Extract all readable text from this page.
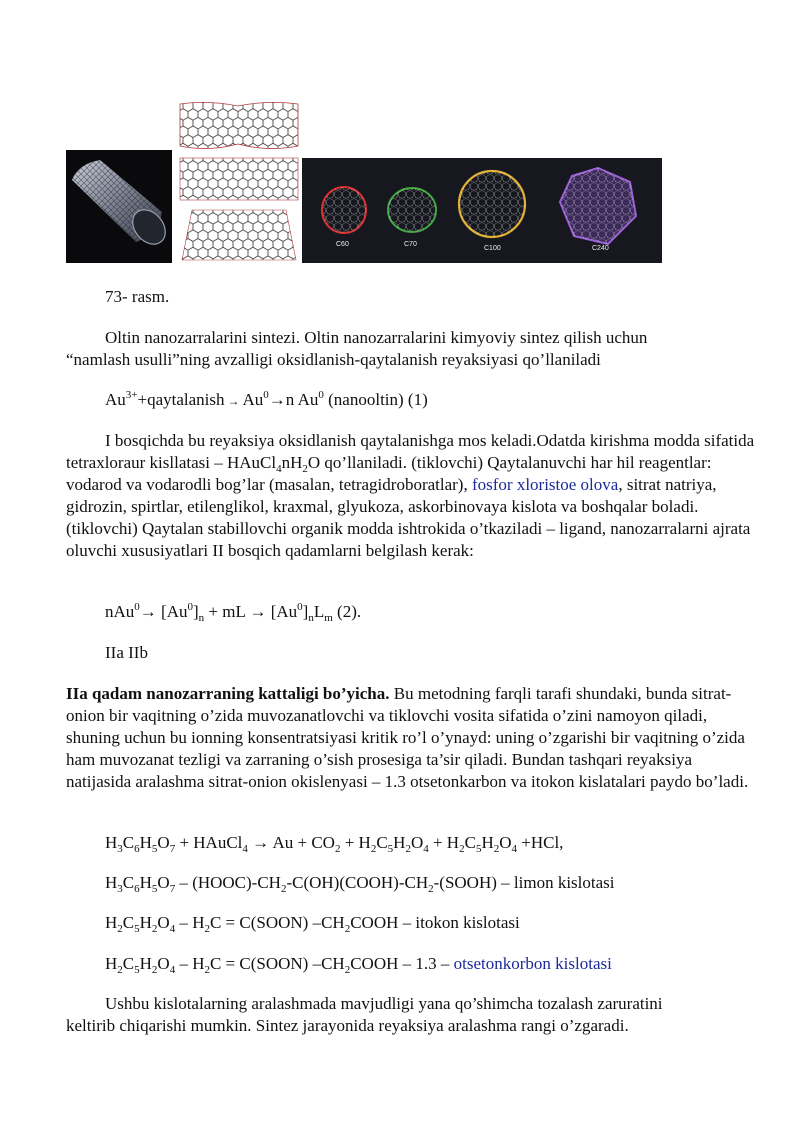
C60	C70
C100	C240
73- rasm.
Oltin nanozarralarini sintezi. Oltin nanozarralarini kimyoviy sintez qilish uchun
“namlash usulli”ning avzalligi oksidlanish-qaytalanish reyaksiyasi qo’llaniladi
$Au^{3+}+qaytalanish \to Au^0\to n$ Au$^0$ (nanooltin) (1)
I bosqichda bu reyaksiya oksidlanish qaytalanishga mos keladi.Odatda kirishma modda sifatida tetraxloraur kisllatasi – $HAuCl_4nH_2O$ qo’llaniladi. (tiklovchi) Qaytalanuvchi har hil reagentlar: vodarod va vodarodli bog’lar (masalan, tetragidroboratlar), fosfor xloristoe olova, sitrat natriya, gidrozin, spirtlar, etilenglikol, kraxmal, glyukoza, askorbinovaya kislota va boshqalar boladi.(tiklovchi) Qaytalan stabillovchi organik modda ishtrokida o’tkaziladi – ligand, nanozarralarni ajrata oluvchi xususiyatlari II bosqich qadamlarni belgilash kerak:
$nAu^0\to [Au^0]_n$ + mL → $[Au^0]_nL_m$ (2).
IIa IIb
IIa qadam nanozarraning kattaligi bo’yicha. Bu metodning farqli tarafi shundaki, bunda sitrat-onion bir vaqitning o’zida muvozanatlovchi va tiklovchi vosita sifatida o’zini namoyon qiladi, shuning uchun bu ionning konsentratsiyasi kritik ro’l o’ynayd: uning o’zgarishi bir vaqitning o’zida ham muvozanat tezligi va zarraning o’sish prosesiga ta’sir qiladi. Bundan tashqari reyaksiya natijasida aralashma sitrat-onion okislenyasi – 1.3 otsetonkarbon va itokon kislatalari paydo bo’ladi.
$H_3C_6H_5O_7$ + HAuCl$_4$ → $Au + CO_2 + H_2C_5H_2O_4 + H_2C_5H_2O_4 +HCl$,
$H_3C_6H_5O_7$ – $(HOOC)-CH_2-C(OH)(COOH)-CH_2-(SOOH)$ – limon kislotasi
$H_2C_5H_2O_4 - H_2C$ = C(SOON) $-CH_2COOH$ – itokon kislotasi
$H_2C_5H_2O_4 - H_2C$ = C(SOON) $-CH_2COOH - 1.3$ – otsetonkorbon kislotasi
Ushbu kislotalarning aralashmada mavjudligi yana qo’shimcha tozalash zaruratini
keltirib chiqarishi mumkin. Sintez jarayonida reyaksiya aralashma rangi o’zgaradi.
